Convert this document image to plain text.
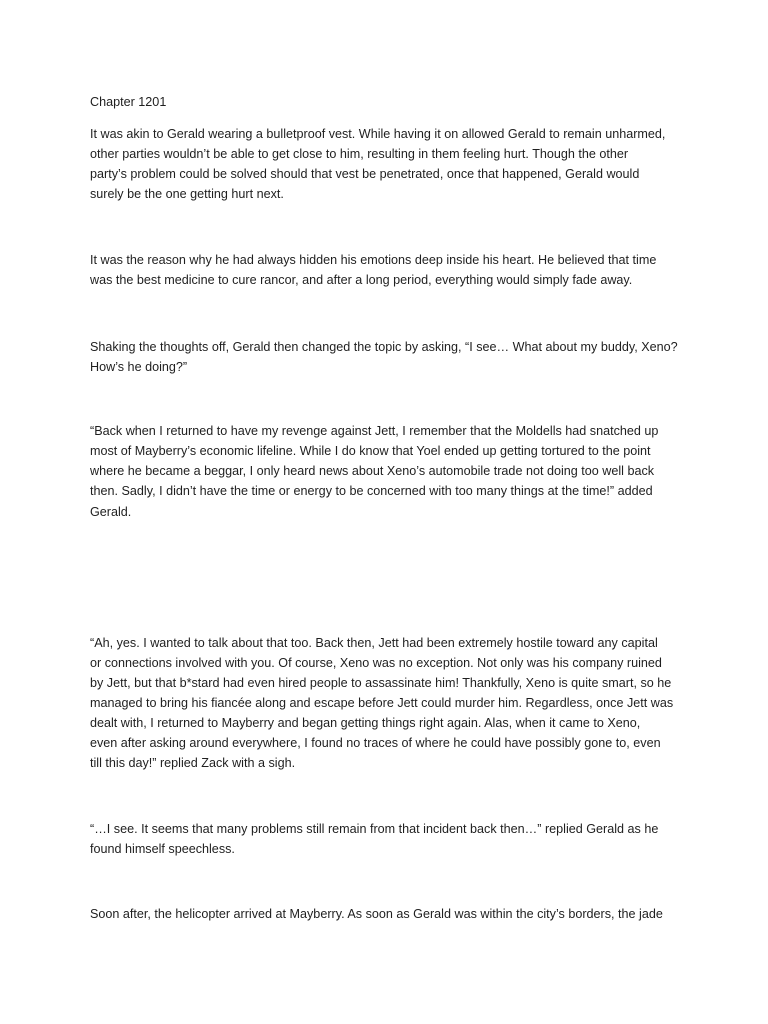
Chapter 1201

It was akin to Gerald wearing a bulletproof vest. While having it on allowed Gerald to remain unharmed,

other parties wouldn’t be able to get close to him, resulting in them feeling hurt. Though the other

party’s problem could be solved should that vest be penetrated, once that happened, Gerald would

surely be the one getting hurt next.

It was the reason why he had always hidden his emotions deep inside his heart. He believed that time

was the best medicine to cure rancor, and after a long period, everything would simply fade away.

Shaking the thoughts off, Gerald then changed the topic by asking, “I see… What about my buddy, Xeno?

How’s he doing?”

“Back when I returned to have my revenge against Jett, I remember that the Moldells had snatched up

most of Mayberry’s economic lifeline. While I do know that Yoel ended up getting tortured to the point

where he became a beggar, I only heard news about Xeno’s automobile trade not doing too well back

then. Sadly, I didn’t have the time or energy to be concerned with too many things at the time!” added

Gerald.

“Ah, yes. I wanted to talk about that too. Back then, Jett had been extremely hostile toward any capital

or connections involved with you. Of course, Xeno was no exception. Not only was his company ruined

by Jett, but that b*stard had even hired people to assassinate him! Thankfully, Xeno is quite smart, so he

managed to bring his fiancée along and escape before Jett could murder him. Regardless, once Jett was

dealt with, I returned to Mayberry and began getting things right again. Alas, when it came to Xeno,

even after asking around everywhere, I found no traces of where he could have possibly gone to, even

till this day!” replied Zack with a sigh.

“…I see. It seems that many problems still remain from that incident back then…” replied Gerald as he

found himself speechless.

Soon after, the helicopter arrived at Mayberry. As soon as Gerald was within the city’s borders, the jade
